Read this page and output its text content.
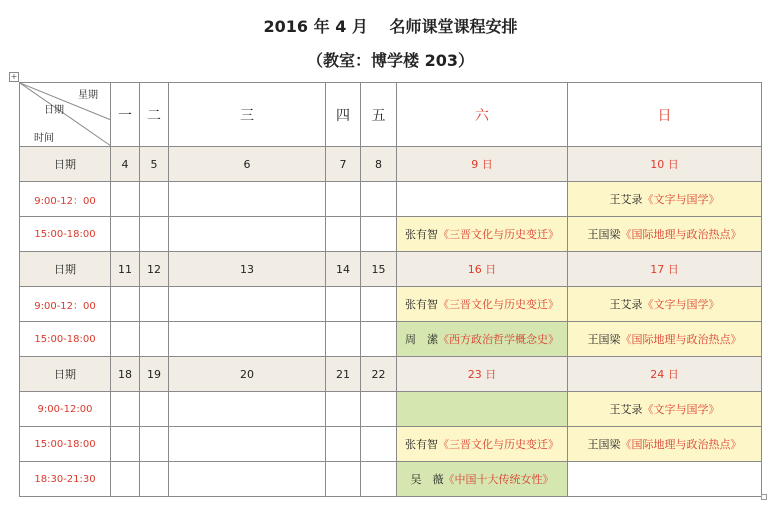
2016 年 4 月　 名师课堂课程安排
（教室：博学楼 203）
+
星期
日期
时间	一	二	三	四	五	六	日
日期	4	5	6	7	8	9 日	10 日
9:00-12：00							王艾录《文字与国学》
15:00-18:00						张有智《三晋文化与历史变迁》	王国梁《国际地理与政治热点》
日期	11	12	13	14	15	16 日	17 日
9:00-12：00						张有智《三晋文化与历史变迁》	王艾录《文字与国学》
15:00-18:00						周　潆《西方政治哲学概念史》	王国梁《国际地理与政治热点》
日期	18	19	20	21	22	23 日	24 日
9:00-12:00							王艾录《文字与国学》
15:00-18:00						张有智《三晋文化与历史变迁》	王国梁《国际地理与政治热点》
18:30-21:30						吴　薇《中国十大传统女性》	
